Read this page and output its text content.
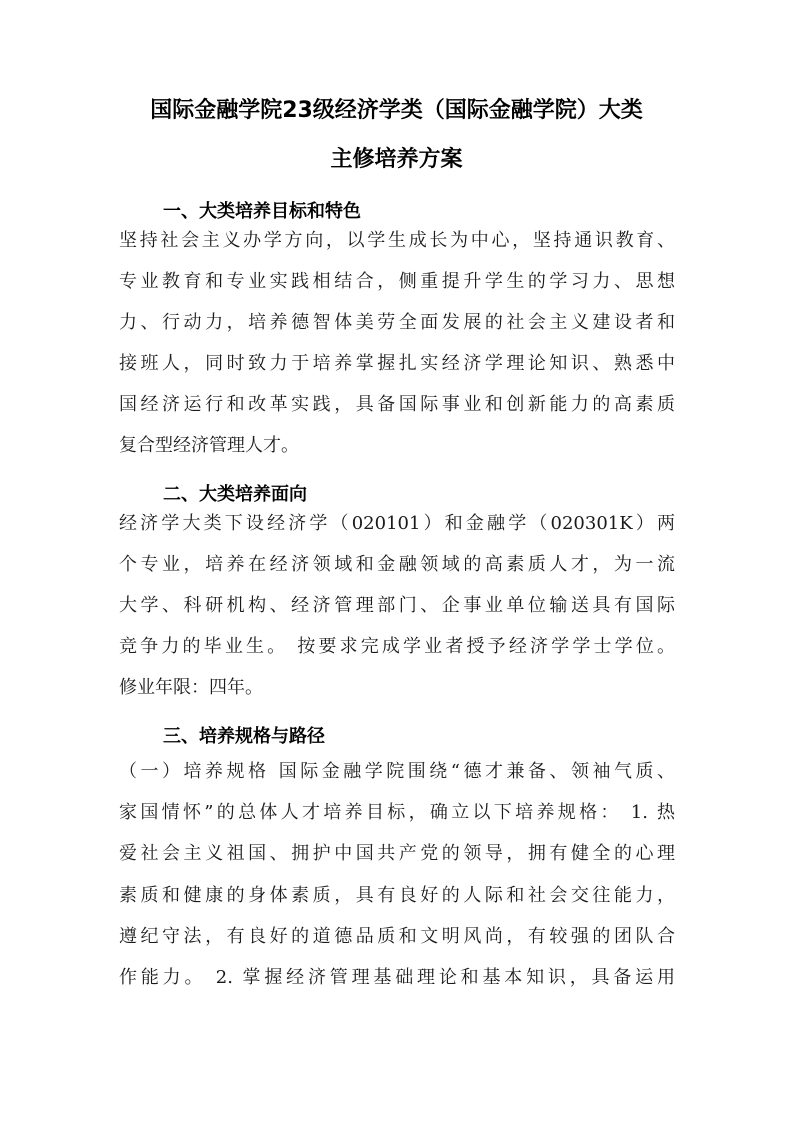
国际金融学院23级经济学类（国际金融学院）大类
主修培养方案
一、大类培养目标和特色
坚持社会主义办学方向，以学生成长为中心，坚持通识教育、
专业教育和专业实践相结合，侧重提升学生的学习力、思想
力、行动力，培养德智体美劳全面发展的社会主义建设者和
接班人，同时致力于培养掌握扎实经济学理论知识、熟悉中
国经济运行和改革实践，具备国际事业和创新能力的高素质
复合型经济管理人才。
二、大类培养面向
经济学大类下设经济学（020101）和金融学（020301K）两
个专业，培养在经济领域和金融领域的高素质人才，为一流
大学、科研机构、经济管理部门、企事业单位输送具有国际
竞争力的毕业生。 按要求完成学业者授予经济学学士学位。
修业年限：四年。
三、培养规格与路径
（一）培养规格 国际金融学院围绕“德才兼备、领袖气质、
家国情怀”的总体人才培养目标，确立以下培养规格： 1. 热
爱社会主义祖国、拥护中国共产党的领导，拥有健全的心理
素质和健康的身体素质，具有良好的人际和社会交往能力，
遵纪守法，有良好的道德品质和文明风尚，有较强的团队合
作能力。 2. 掌握经济管理基础理论和基本知识，具备运用
